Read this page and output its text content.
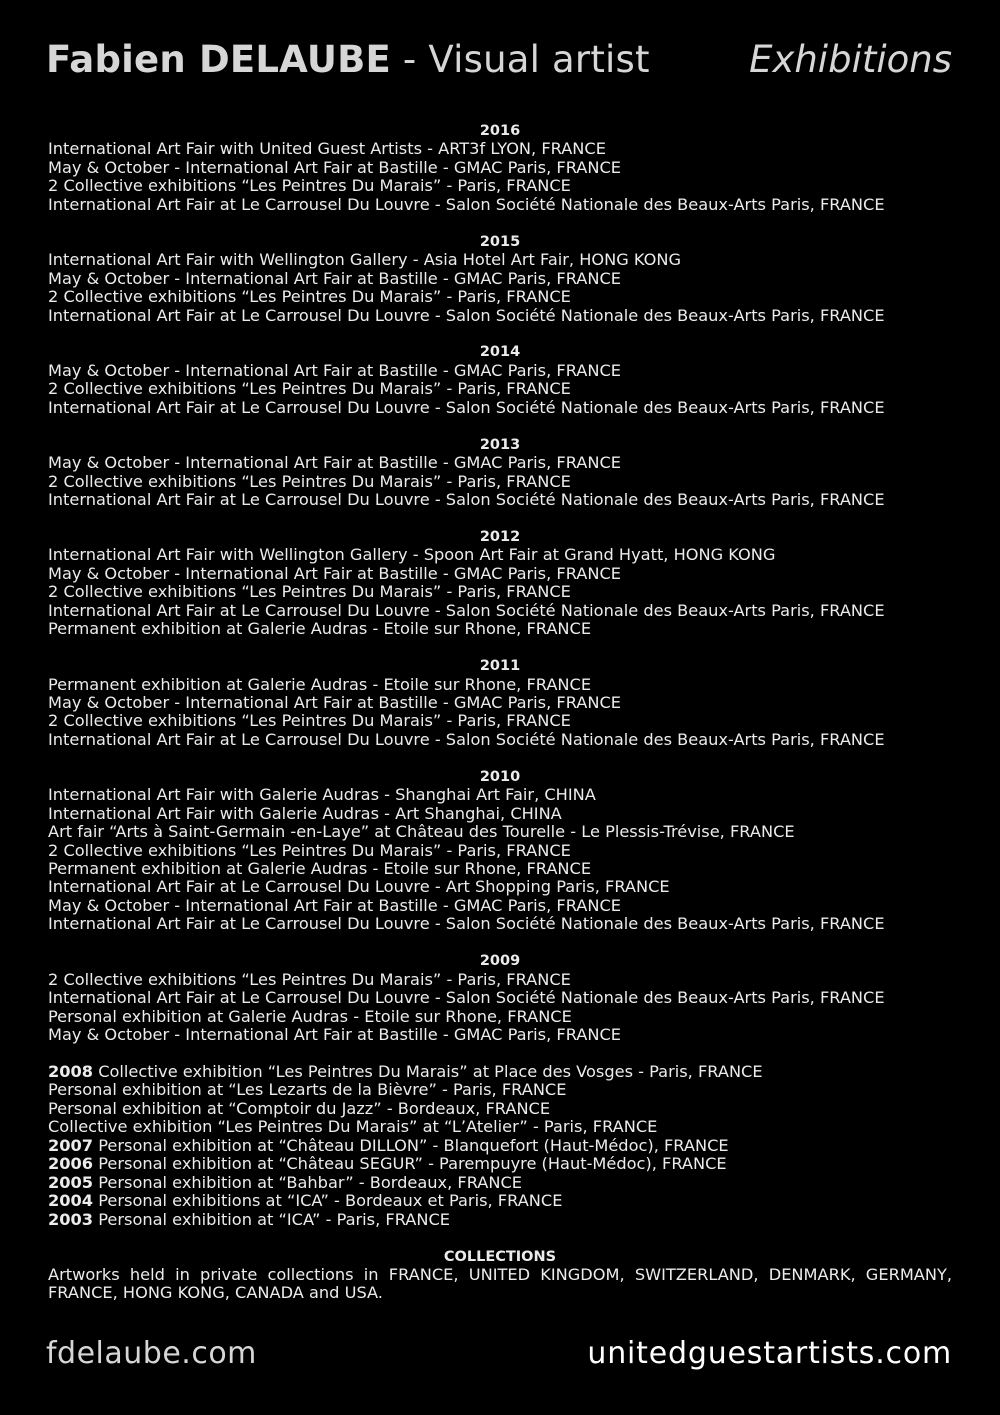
Fabien DELAUBE - Visual artist	Exhibitions
2016
International Art Fair with United Guest Artists - ART3f LYON, FRANCE
May & October - International Art Fair at Bastille - GMAC Paris, FRANCE
2 Collective exhibitions “Les Peintres Du Marais” - Paris, FRANCE
International Art Fair at Le Carrousel Du Louvre - Salon Société Nationale des Beaux-Arts Paris, FRANCE
2015
International Art Fair with Wellington Gallery - Asia Hotel Art Fair, HONG KONG
May & October - International Art Fair at Bastille - GMAC Paris, FRANCE
2 Collective exhibitions “Les Peintres Du Marais” - Paris, FRANCE
International Art Fair at Le Carrousel Du Louvre - Salon Société Nationale des Beaux-Arts Paris, FRANCE
2014
May & October - International Art Fair at Bastille - GMAC Paris, FRANCE
2 Collective exhibitions “Les Peintres Du Marais” - Paris, FRANCE
International Art Fair at Le Carrousel Du Louvre - Salon Société Nationale des Beaux-Arts Paris, FRANCE
2013
May & October - International Art Fair at Bastille - GMAC Paris, FRANCE
2 Collective exhibitions “Les Peintres Du Marais” - Paris, FRANCE
International Art Fair at Le Carrousel Du Louvre - Salon Société Nationale des Beaux-Arts Paris, FRANCE
2012
International Art Fair with Wellington Gallery - Spoon Art Fair at Grand Hyatt, HONG KONG
May & October - International Art Fair at Bastille - GMAC Paris, FRANCE
2 Collective exhibitions “Les Peintres Du Marais” - Paris, FRANCE
International Art Fair at Le Carrousel Du Louvre - Salon Société Nationale des Beaux-Arts Paris, FRANCE
Permanent exhibition at Galerie Audras - Etoile sur Rhone, FRANCE
2011
Permanent exhibition at Galerie Audras - Etoile sur Rhone, FRANCE
May & October - International Art Fair at Bastille - GMAC Paris, FRANCE
2 Collective exhibitions “Les Peintres Du Marais” - Paris, FRANCE
International Art Fair at Le Carrousel Du Louvre - Salon Société Nationale des Beaux-Arts Paris, FRANCE
2010
International Art Fair with Galerie Audras - Shanghai Art Fair, CHINA
International Art Fair with Galerie Audras - Art Shanghai, CHINA
Art fair “Arts à Saint-Germain -en-Laye” at Château des Tourelle - Le Plessis-Trévise, FRANCE
2 Collective exhibitions “Les Peintres Du Marais” - Paris, FRANCE
Permanent exhibition at Galerie Audras - Etoile sur Rhone, FRANCE
International Art Fair at Le Carrousel Du Louvre - Art Shopping Paris, FRANCE
May & October - International Art Fair at Bastille - GMAC Paris, FRANCE
International Art Fair at Le Carrousel Du Louvre - Salon Société Nationale des Beaux-Arts Paris, FRANCE
2009
2 Collective exhibitions “Les Peintres Du Marais” - Paris, FRANCE
International Art Fair at Le Carrousel Du Louvre - Salon Société Nationale des Beaux-Arts Paris, FRANCE
Personal exhibition at Galerie Audras - Etoile sur Rhone, FRANCE
May & October - International Art Fair at Bastille - GMAC Paris, FRANCE
2008 Collective exhibition “Les Peintres Du Marais” at Place des Vosges - Paris, FRANCE
Personal exhibition at “Les Lezarts de la Bièvre” - Paris, FRANCE
Personal exhibition at “Comptoir du Jazz” - Bordeaux, FRANCE
Collective exhibition “Les Peintres Du Marais” at “L’Atelier” - Paris, FRANCE
2007 Personal exhibition at “Château DILLON” - Blanquefort (Haut-Médoc), FRANCE
2006 Personal exhibition at “Château SEGUR” - Parempuyre (Haut-Médoc), FRANCE
2005 Personal exhibition at “Bahbar” - Bordeaux, FRANCE
2004 Personal exhibitions at “ICA” - Bordeaux et Paris, FRANCE
2003 Personal exhibition at “ICA” - Paris, FRANCE
COLLECTIONS
Artworks held in private collections in FRANCE, UNITED KINGDOM, SWITZERLAND, DENMARK, GERMANY, FRANCE, HONG KONG, CANADA and USA.
fdelaube.com	unitedguestartists.com
